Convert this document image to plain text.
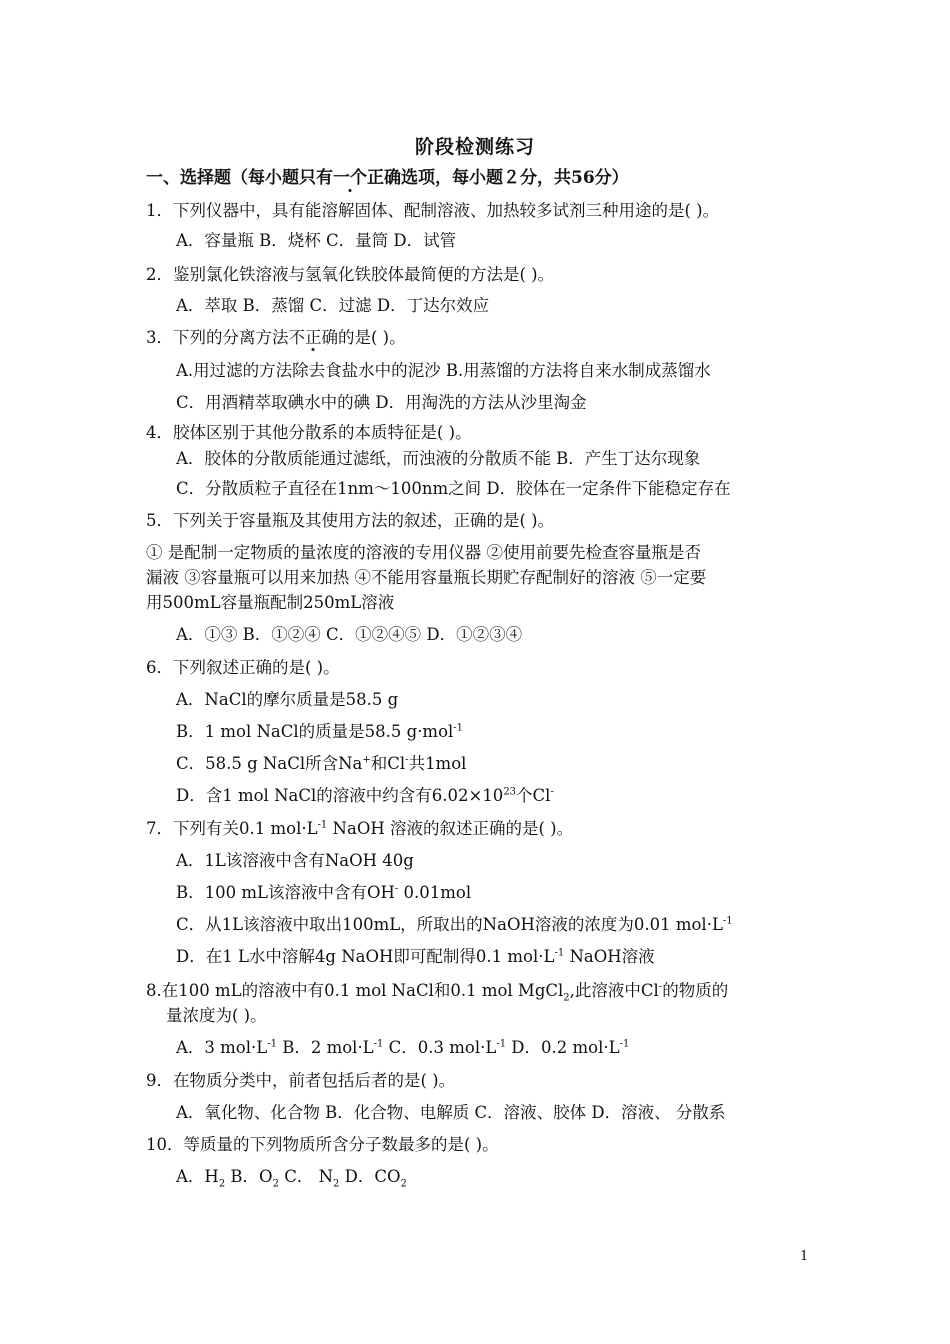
阶段检测练习
一、选择题（每小题只有一个正确选项，每小题２分，共56分）
1．下列仪器中，具有能溶解固体、配制溶液、加热较多试剂三种用途的是( )。
A．容量瓶 B．烧杯 C．量筒 D．试管
2．鉴别氯化铁溶液与氢氧化铁胶体最简便的方法是( )。
A．萃取 B．蒸馏 C．过滤 D．丁达尔效应
3．下列的分离方法不正确的是( )。
A.用过滤的方法除去食盐水中的泥沙 B.用蒸馏的方法将自来水制成蒸馏水
C．用酒精萃取碘水中的碘 D．用淘洗的方法从沙里淘金
4．胶体区别于其他分散系的本质特征是( )。
A．胶体的分散质能通过滤纸，而浊液的分散质不能 B．产生丁达尔现象
C．分散质粒子直径在1nm～100nm之间 D．胶体在一定条件下能稳定存在
5．下列关于容量瓶及其使用方法的叙述，正确的是( )。
① 是配制一定物质的量浓度的溶液的专用仪器 ②使用前要先检查容量瓶是否
漏液 ③容量瓶可以用来加热 ④不能用容量瓶长期贮存配制好的溶液 ⑤一定要
用500mL容量瓶配制250mL溶液
A．①③ B．①②④ C．①②④⑤ D．①②③④
6．下列叙述正确的是( )。
A．NaCl的摩尔质量是58.5 g
B．1 mol NaCl的质量是58.5 g·mol$^{-1}$
C．58.5 g NaCl所含Na+和Cl-共1mol
D．含1 mol NaCl的溶液中约含有$6.02\times 10^{23}$个Cl-
7．下列有关0.1 $mol\cdot L^{-1}$ NaOH 溶液的叙述正确的是( )。
A．1L该溶液中含有NaOH 40g
B．100 mL该溶液中含有OH- 0.01mol
C．从1L该溶液中取出100mL，所取出的NaOH溶液的浓度为0.01 $mol\cdot L^{-1}$
D．在1 L水中溶解4g NaOH即可配制得0.1 $mol\cdot L^{-1}$ NaOH溶液
8.在100 mL的溶液中有0.1 mol NaCl和0.1 mol MgCl$_2$,此溶液中Cl-的物质的
量浓度为( )。
A．3 $mol\cdot L^{-1}$ B．2 $mol\cdot L^{-1}$ C．0.3 $mol\cdot L^{-1}$ D．0.2 $mol\cdot L^{-1}$
9．在物质分类中，前者包括后者的是( )。
A．氧化物、化合物 B．化合物、电解质 C．溶液、胶体 D．溶液、 分散系
10．等质量的下列物质所含分子数最多的是( )。
A．$H_2$ B．$O_2$ C． $N_2$ D．$CO_2$
1
